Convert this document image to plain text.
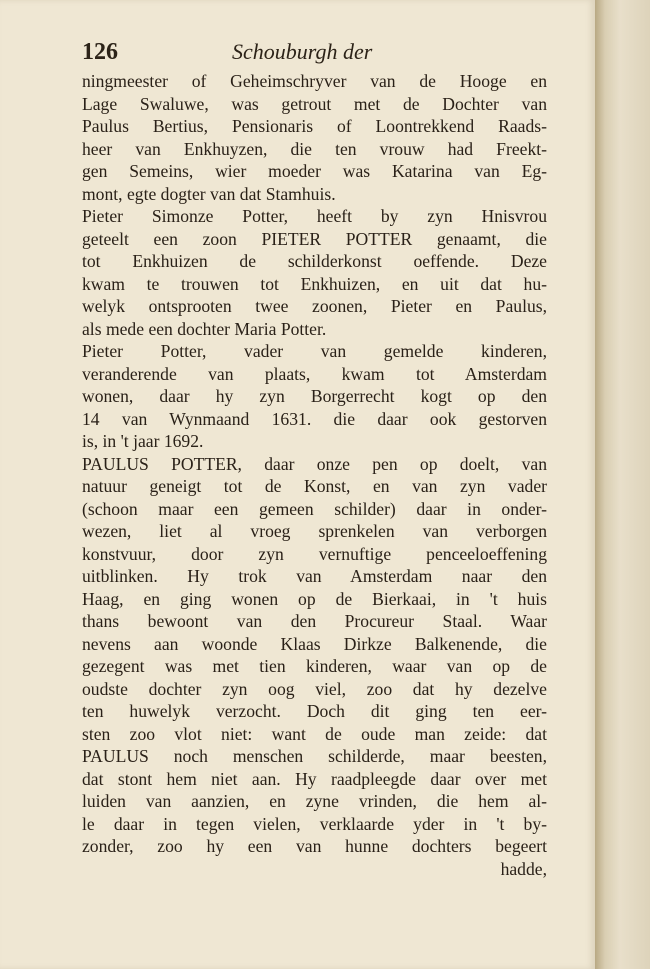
126	Schouburgh der
ningmeester of Geheimschryver van de Hooge en
Lage Swaluwe, was getrout met de Dochter van
Paulus Bertius, Pensionaris of Loontrekkend Raads-
heer van Enkhuyzen, die ten vrouw had Freekt-
gen Semeins, wier moeder was Katarina van Eg-
mont, egte dogter van dat Stamhuis.
Pieter Simonze Potter, heeft by zyn Hnisvrou
geteelt een zoon PIETER POTTER genaamt, die
tot Enkhuizen de schilderkonst oeffende. Deze
kwam te trouwen tot Enkhuizen, en uit dat hu-
welyk ontsprooten twee zoonen, Pieter en Paulus,
als mede een dochter Maria Potter.
Pieter Potter, vader van gemelde kinderen,
veranderende van plaats, kwam tot Amsterdam
wonen, daar hy zyn Borgerrecht kogt op den
14 van Wynmaand 1631. die daar ook gestorven
is, in 't jaar 1692.
PAULUS POTTER, daar onze pen op doelt, van
natuur geneigt tot de Konst, en van zyn vader
(schoon maar een gemeen schilder) daar in onder-
wezen, liet al vroeg sprenkelen van verborgen
konstvuur, door zyn vernuftige penceeloeffening
uitblinken. Hy trok van Amsterdam naar den
Haag, en ging wonen op de Bierkaai, in 't huis
thans bewoont van den Procureur Staal. Waar
nevens aan woonde Klaas Dirkze Balkenende, die
gezegent was met tien kinderen, waar van op de
oudste dochter zyn oog viel, zoo dat hy dezelve
ten huwelyk verzocht. Doch dit ging ten eer-
sten zoo vlot niet: want de oude man zeide: dat
PAULUS noch menschen schilderde, maar beesten,
dat stont hem niet aan. Hy raadpleegde daar over met
luiden van aanzien, en zyne vrinden, die hem al-
le daar in tegen vielen, verklaarde yder in 't by-
zonder, zoo hy een van hunne dochters begeert
hadde,
